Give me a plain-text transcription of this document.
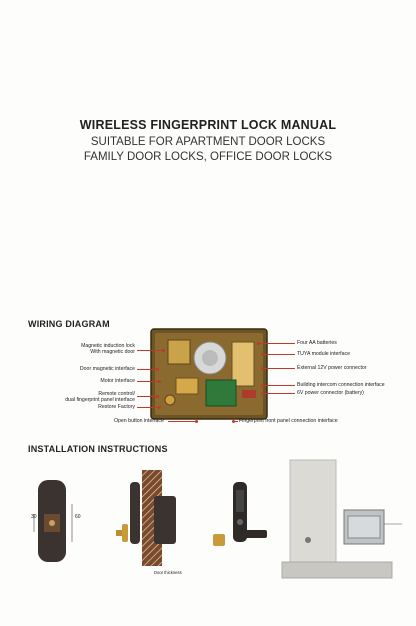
WIRELESS FINGERPRINT LOCK MANUAL
SUITABLE FOR APARTMENT DOOR LOCKS
FAMILY DOOR LOCKS, OFFICE DOOR LOCKS
WIRING DIAGRAM
Magnetic induction lock
With magnetic door
Door magnetic interface
Motor interface
Remote control/
dual fingerprint panel interface
Restore Factory
Four AA batteries
TUYA module interface
External 12V power connector
Building intercom connection interface
6V power connector (battery)
Open button interface	Fingerprint front panel connection interface
INSTALLATION INSTRUCTIONS
30	60
Door thickness
